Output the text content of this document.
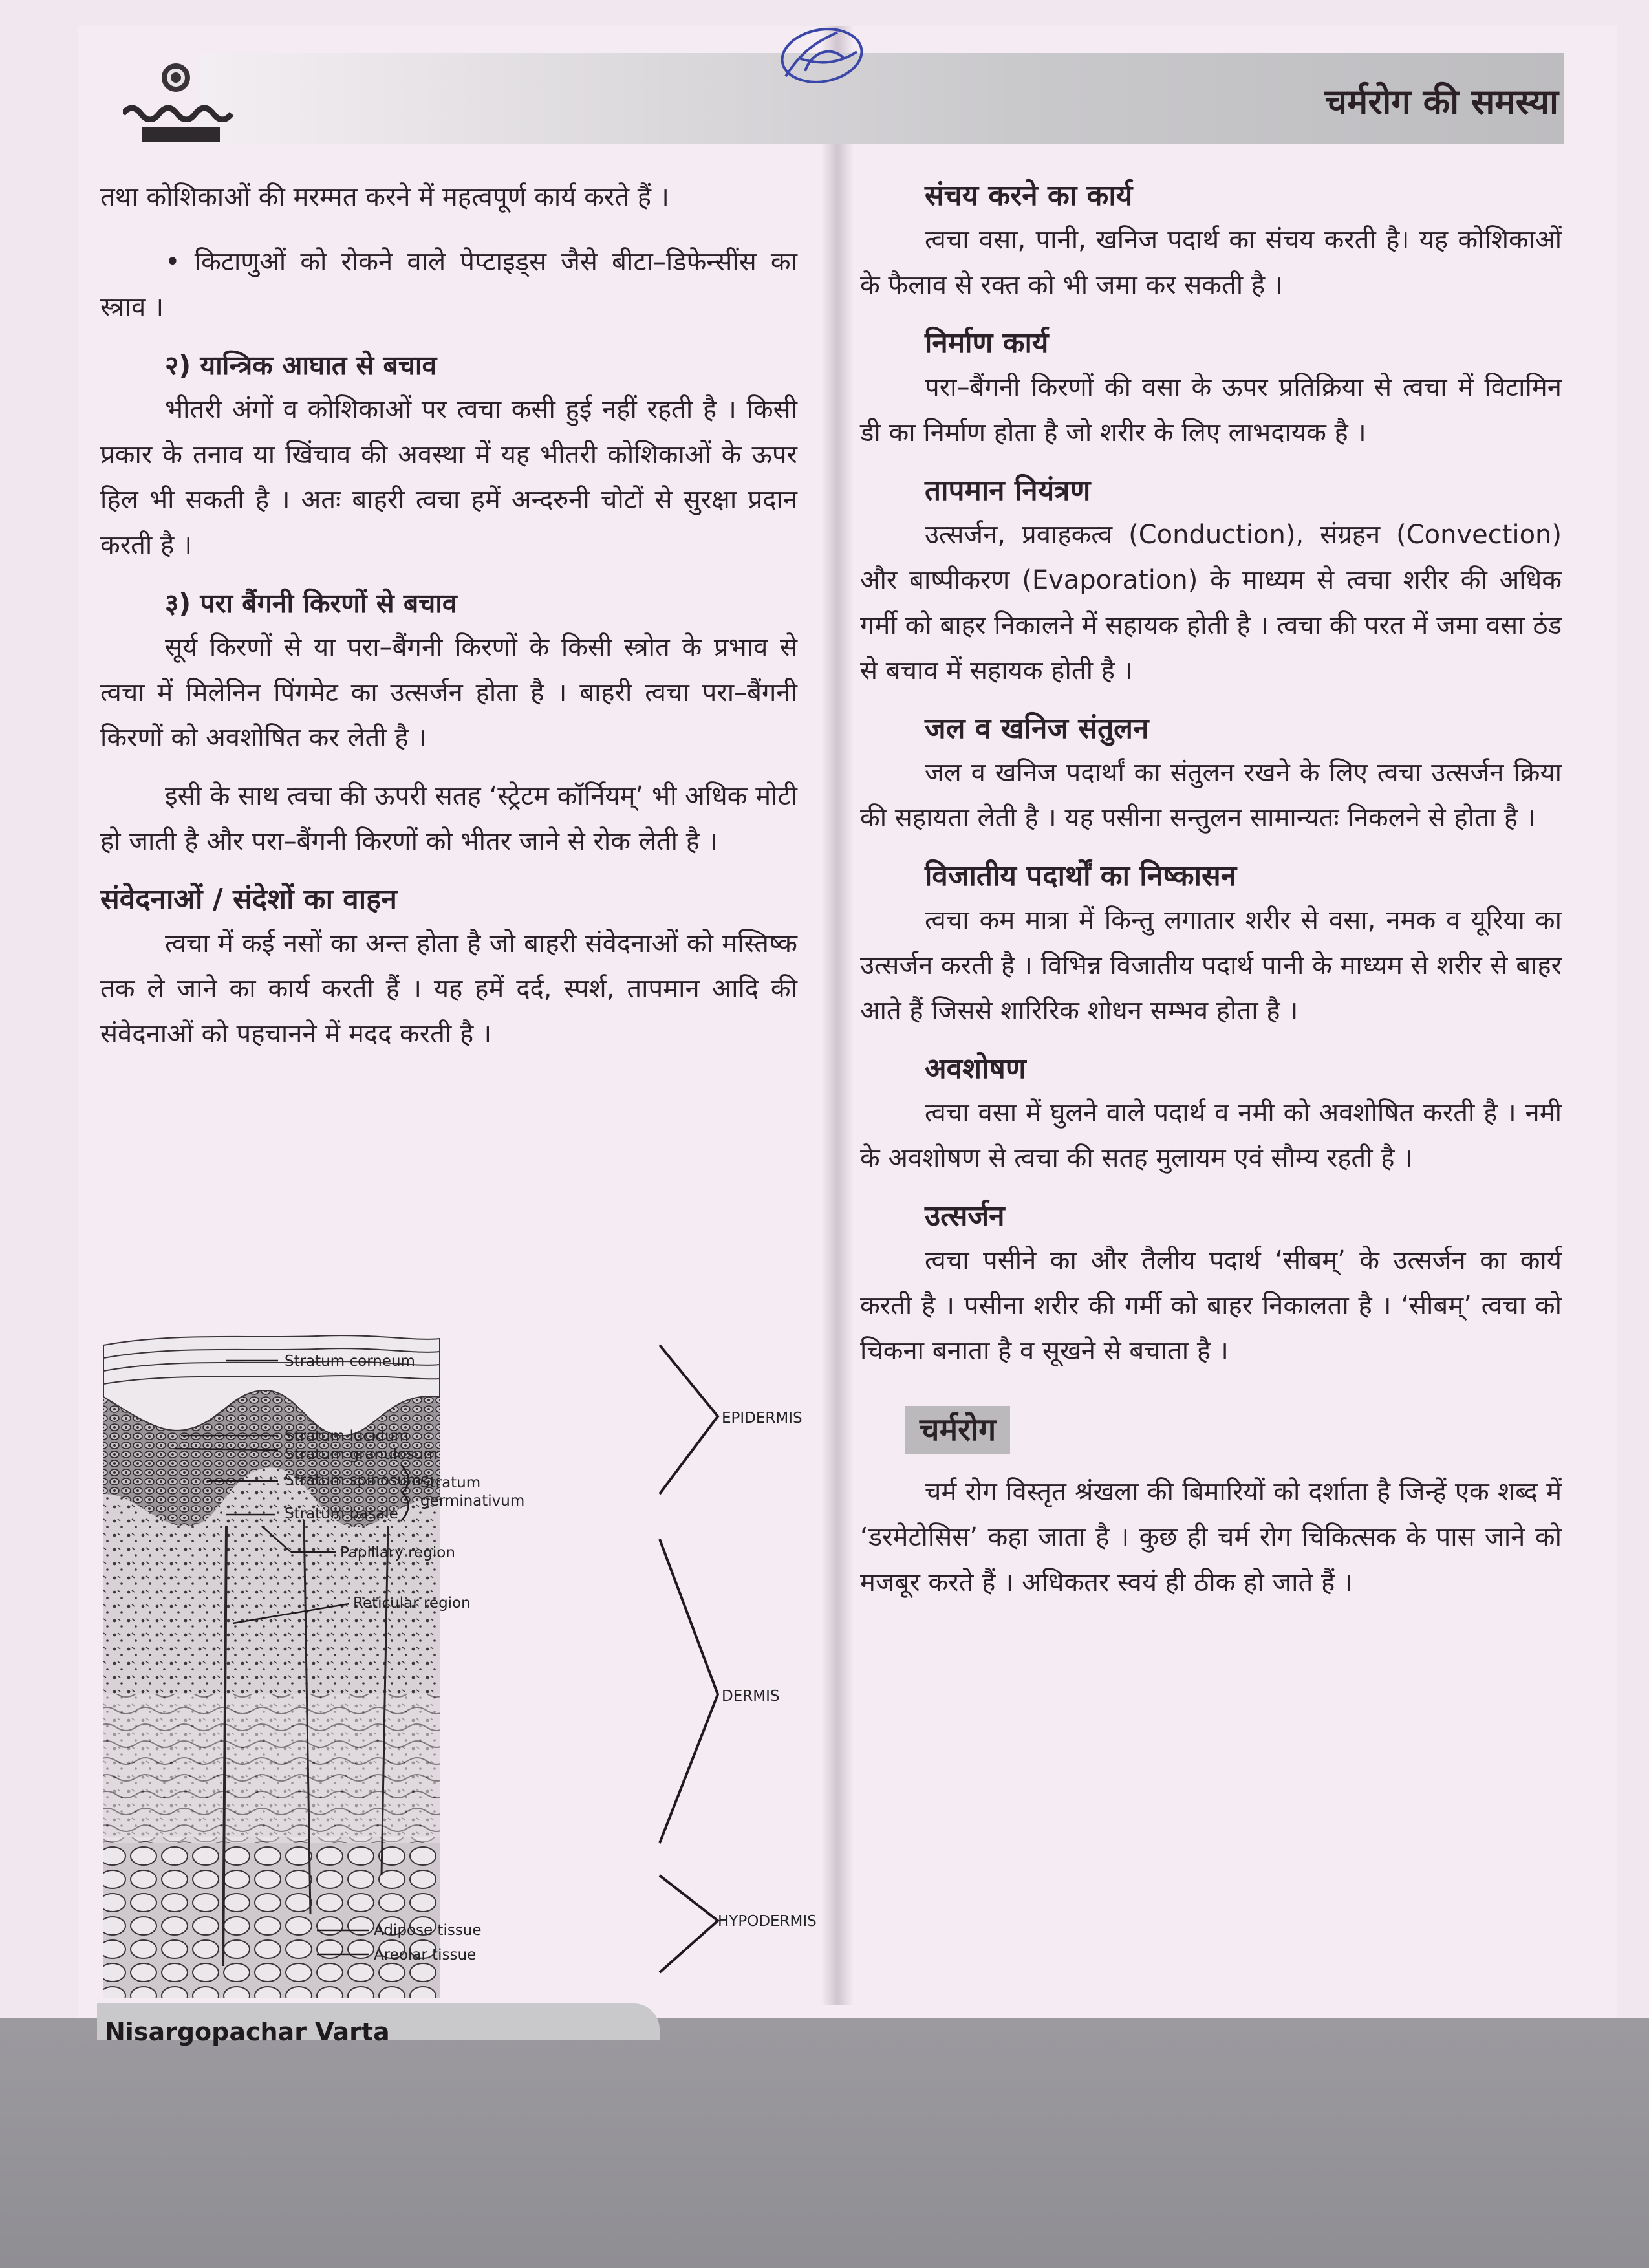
चर्मरोग की समस्या

तथा कोशिकाओं की मरम्मत करने में महत्वपूर्ण कार्य करते हैं ।

• किटाणुओं को रोकने वाले पेप्टाइड्स जैसे बीटा–डिफेन्सींस का स्त्राव ।

२) यान्त्रिक आघात से बचाव

भीतरी अंगों व कोशिकाओं पर त्वचा कसी हुई नहीं रहती है । किसी प्रकार के तनाव या खिंचाव की अवस्था में यह भीतरी कोशिकाओं के ऊपर हिल भी सकती है । अतः बाहरी त्वचा हमें अन्दरुनी चोटों से सुरक्षा प्रदान करती है ।

३) परा बैंगनी किरणों से बचाव

सूर्य किरणों से या परा–बैंगनी किरणों के किसी स्त्रोत के प्रभाव से त्वचा में मिलेनिन पिंगमेट का उत्सर्जन होता है । बाहरी त्वचा परा–बैंगनी किरणों को अवशोषित कर लेती है ।

इसी के साथ त्वचा की ऊपरी सतह ‘स्ट्रेटम कॉर्नियम्’ भी अधिक मोटी हो जाती है और परा–बैंगनी किरणों को भीतर जाने से रोक लेती है ।

संवेदनाओं / संदेशों का वाहन

त्वचा में कई नसों का अन्त होता है जो बाहरी संवेदनाओं को मस्तिष्क तक ले जाने का कार्य करती हैं । यह हमें दर्द, स्पर्श, तापमान आदि की संवेदनाओं को पहचानने में मदद करती है ।

Stratum corneum
Stratum lucidum
Stratum granulosum
Stratum spinosum
Stratum basale
Stratum
germinativum
Papillary region
Reticular region
Adipose tissue
Areolar tissue
EPIDERMIS
DERMIS
HYPODERMIS
संचय करने का कार्य

त्वचा वसा, पानी, खनिज पदार्थ का संचय करती है। यह कोशिकाओं के फैलाव से रक्त को भी जमा कर सकती है ।

निर्माण कार्य

परा–बैंगनी किरणों की वसा के ऊपर प्रतिक्रिया से त्वचा में विटामिन डी का निर्माण होता है जो शरीर के लिए लाभदायक है ।

तापमान नियंत्रण

उत्सर्जन, प्रवाहकत्व (Conduction), संग्रहन (Convection) और बाष्पीकरण (Evaporation) के माध्यम से त्वचा शरीर की अधिक गर्मी को बाहर निकालने में सहायक होती है । त्वचा की परत में जमा वसा ठंड से बचाव में सहायक होती है ।

जल व खनिज संतुलन

जल व खनिज पदार्थां का संतुलन रखने के लिए त्वचा उत्सर्जन क्रिया की सहायता लेती है । यह पसीना सन्तुलन सामान्यतः निकलने से होता है ।

विजातीय पदार्थों का निष्कासन

त्वचा कम मात्रा में किन्तु लगातार शरीर से वसा, नमक व यूरिया का उत्सर्जन करती है । विभिन्न विजातीय पदार्थ पानी के माध्यम से शरीर से बाहर आते हैं जिससे शारिरिक शोधन सम्भव होता है ।

अवशोषण

त्वचा वसा में घुलने वाले पदार्थ व नमी को अवशोषित करती है । नमी के अवशोषण से त्वचा की सतह मुलायम एवं सौम्य रहती है ।

उत्सर्जन

त्वचा पसीने का और तैलीय पदार्थ ‘सीबम्’ के उत्सर्जन का कार्य करती है । पसीना शरीर की गर्मी को बाहर निकालता है । ‘सीबम्’ त्वचा को चिकना बनाता है व सूखने से बचाता है ।

चर्मरोग

चर्म रोग विस्तृत श्रंखला की बिमारियों को दर्शाता है जिन्हें एक शब्द में ‘डरमेटोसिस’ कहा जाता है । कुछ ही चर्म रोग चिकित्सक के पास जाने को मजबूर करते हैं । अधिकतर स्वयं ही ठीक हो जाते हैं ।

Nisargopachar Varta
